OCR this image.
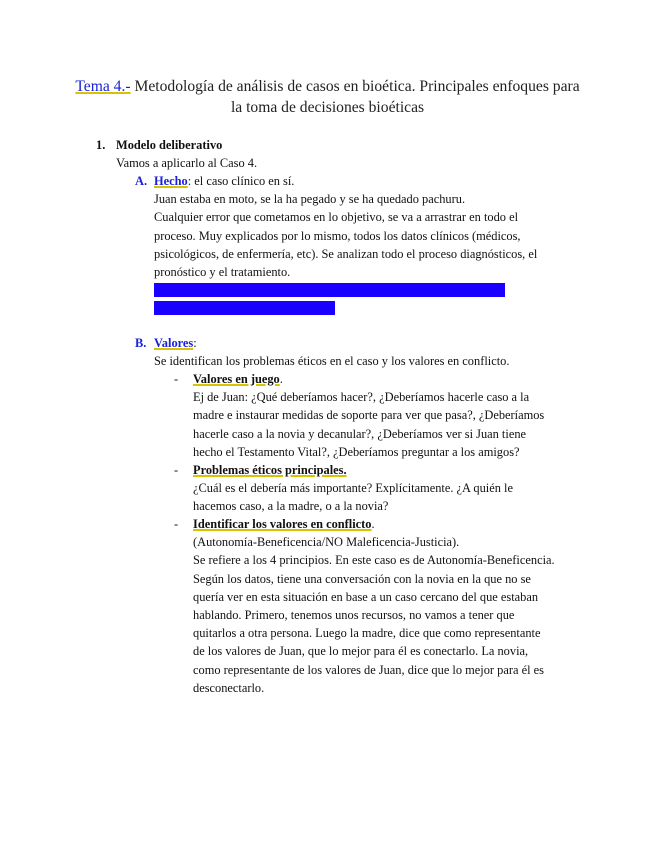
Tema 4.- Metodología de análisis de casos en bioética. Principales enfoques para
la toma de decisiones bioéticas
1. Modelo deliberativo
Vamos a aplicarlo al Caso 4.
A. Hecho: el caso clínico en sí.
Juan estaba en moto, se la ha pegado y se ha quedado pachuru.
Cualquier error que cometamos en lo objetivo, se va a arrastrar en todo el
proceso. Muy explicados por lo mismo, todos los datos clínicos (médicos,
psicológicos, de enfermería, etc). Se analizan todo el proceso diagnósticos, el
pronóstico y el tratamiento.
¿Está informado?, ¿Está coaccionado por terceros? ¿Está en sus plenas
cualidades? Esto es muy importante.
B. Valores:
Se identifican los problemas éticos en el caso y los valores en conflicto.
- Valores en juego.
Ej de Juan: ¿Qué deberíamos hacer?, ¿Deberíamos hacerle caso a la
madre e instaurar medidas de soporte para ver que pasa?, ¿Deberíamos
hacerle caso a la novia y decanular?, ¿Deberíamos ver si Juan tiene
hecho el Testamento Vital?, ¿Deberíamos preguntar a los amigos?
- Problemas éticos principales.
¿Cuál es el debería más importante? Explícitamente. ¿A quién le
hacemos caso, a la madre, o a la novia?
- Identificar los valores en conflicto.
(Autonomía-Beneficencia/NO Maleficencia-Justicia).
Se refiere a los 4 principios. En este caso es de Autonomía-Beneficencia.
Según los datos, tiene una conversación con la novia en la que no se
quería ver en esta situación en base a un caso cercano del que estaban
hablando. Primero, tenemos unos recursos, no vamos a tener que
quitarlos a otra persona. Luego la madre, dice que como representante
de los valores de Juan, que lo mejor para él es conectarlo. La novia,
como representante de los valores de Juan, dice que lo mejor para él es
desconectarlo.
